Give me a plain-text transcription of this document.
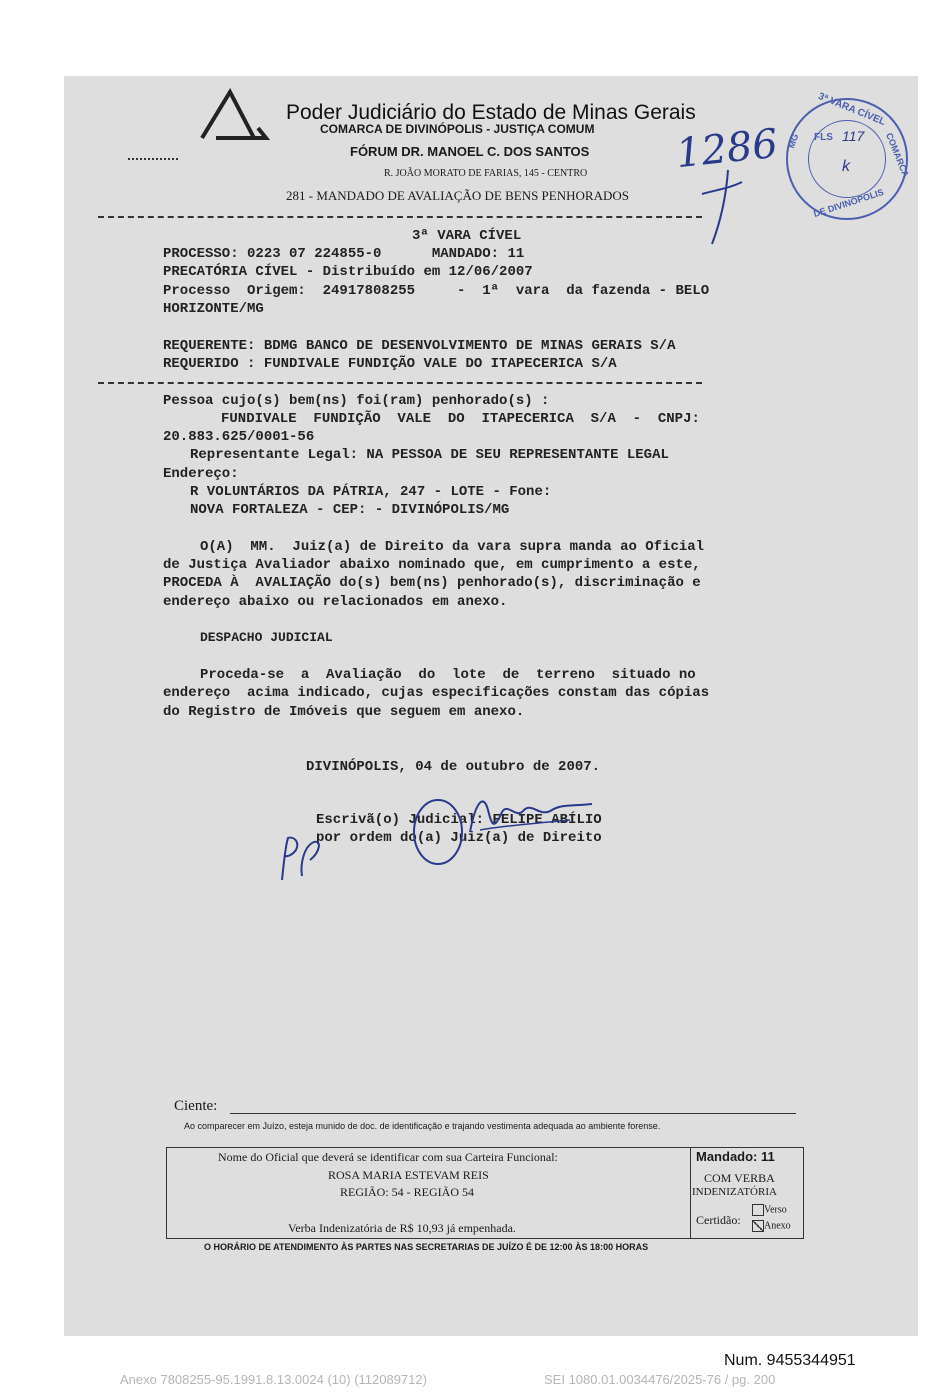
Poder Judiciário do Estado de Minas Gerais
COMARCA DE DIVINÓPOLIS - JUSTIÇA COMUM
FÓRUM DR. MANOEL C. DOS SANTOS
R. JOÃO MORATO DE FARIAS, 145 - CENTRO
281 - MANDADO DE AVALIAÇÃO DE BENS PENHORADOS
1286
3ª VARA CÍVEL
COMARCA
DE DIVINÓPOLIS
MG FLS 117
k
3ª VARA CÍVEL
PROCESSO: 0223 07 224855-0      MANDADO: 11
PRECATÓRIA CÍVEL - Distribuído em 12/06/2007
Processo  Origem:  24917808255     -  1ª  vara  da fazenda - BELO
HORIZONTE/MG
REQUERENTE: BDMG BANCO DE DESENVOLVIMENTO DE MINAS GERAIS S/A
REQUERIDO : FUNDIVALE FUNDIÇÃO VALE DO ITAPECERICA S/A
Pessoa cujo(s) bem(ns) foi(ram) penhorado(s) :
FUNDIVALE  FUNDIÇÃO  VALE  DO  ITAPECERICA  S/A  -  CNPJ:
20.883.625/0001-56
Representante Legal: NA PESSOA DE SEU REPRESENTANTE LEGAL
Endereço:
R VOLUNTÁRIOS DA PÁTRIA, 247 - LOTE - Fone:
NOVA FORTALEZA - CEP: - DIVINÓPOLIS/MG
O(A)  MM.  Juiz(a) de Direito da vara supra manda ao Oficial
de Justiça Avaliador abaixo nominado que, em cumprimento a este,
PROCEDA À  AVALIAÇÃO do(s) bem(ns) penhorado(s), discriminação e
endereço abaixo ou relacionados em anexo.
DESPACHO JUDICIAL
Proceda-se  a  Avaliação  do  lote  de  terreno  situado no
endereço  acima indicado, cujas especificações constam das cópias
do Registro de Imóveis que seguem em anexo.
DIVINÓPOLIS, 04 de outubro de 2007.
Escrivã(o) Judicial: FELIPE ABÍLIO
por ordem do(a) Juiz(a) de Direito
Ciente:
Ao comparecer em Juízo, esteja munido de doc. de identificação e trajando vestimenta adequada ao ambiente forense.
Nome do Oficial que deverá se identificar com sua Carteira Funcional:
ROSA MARIA ESTEVAM REIS
REGIÃO: 54 - REGIÃO 54
Verba Indenizatória de R$ 10,93 já empenhada.
Mandado: 11
COM VERBA
INDENIZATÓRIA
Certidão:
Verso
Anexo
O HORÁRIO DE ATENDIMENTO ÀS PARTES NAS SECRETARIAS DE JUÍZO É DE 12:00 ÀS 18:00 HORAS
Num. 9455344951
Anexo 7808255-95.1991.8.13.0024 (10) (112089712)	SEI 1080.01.0034476/2025-76 / pg. 200
